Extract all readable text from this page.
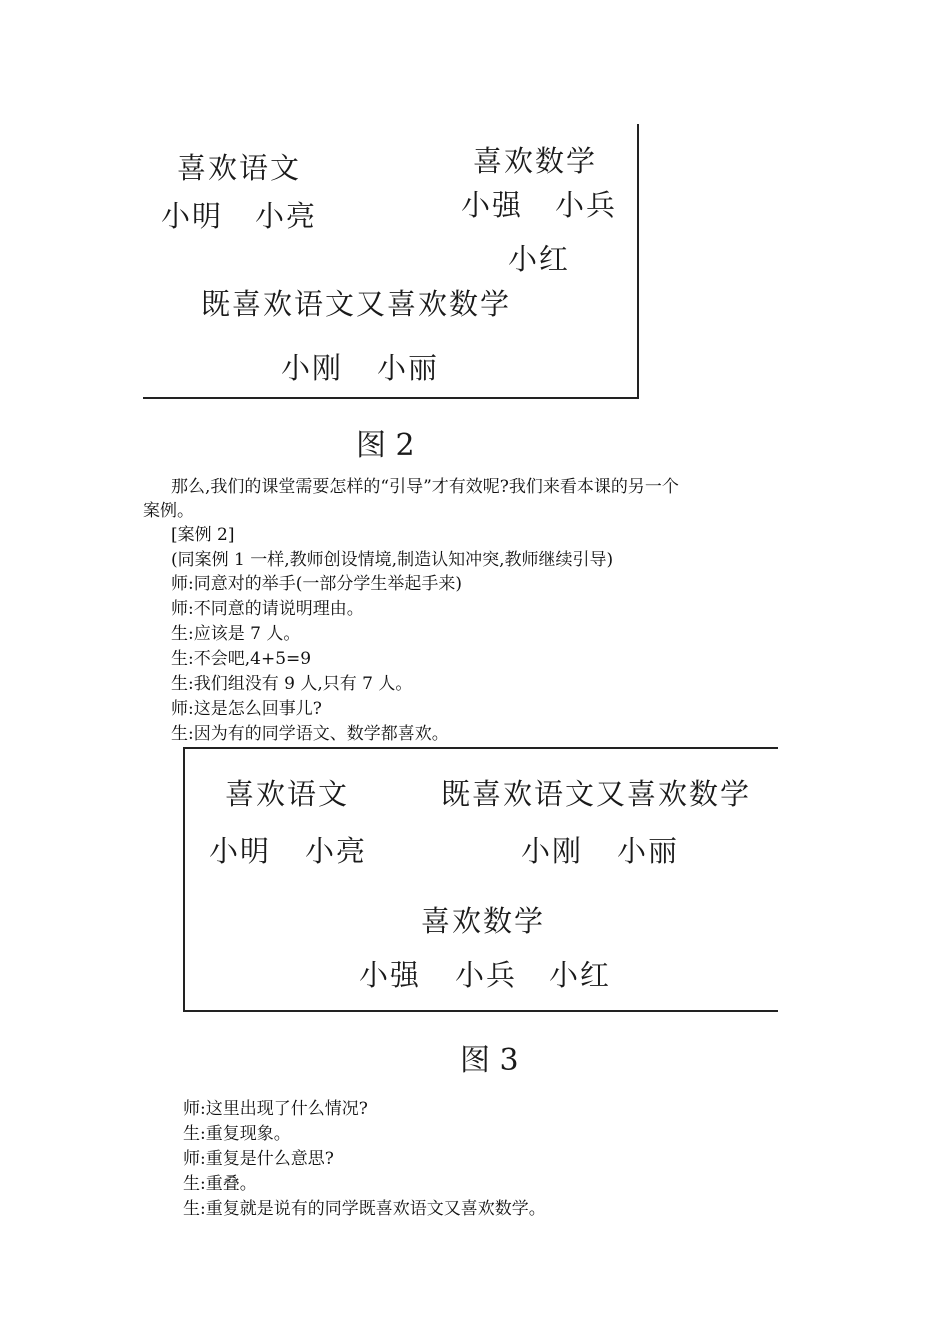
喜欢语文
小明 小亮
喜欢数学
小强 小兵
小红
既喜欢语文又喜欢数学
小刚 小丽
图 2
那么,我们的课堂需要怎样的“引导”才有效呢?我们来看本课的另一个
案例。
[案例 2]
(同案例 1 一样,教师创设情境,制造认知冲突,教师继续引导)
师:同意对的举手(一部分学生举起手来)
师:不同意的请说明理由。
生:应该是 7 人。
生:不会吧,4+5=9
生:我们组没有 9 人,只有 7 人。
师:这是怎么回事儿?
生:因为有的同学语文、数学都喜欢。
喜欢语文
小明 小亮
既喜欢语文又喜欢数学
小刚 小丽
喜欢数学
小强 小兵 小红
图 3
师:这里出现了什么情况?
生:重复现象。
师:重复是什么意思?
生:重叠。
生:重复就是说有的同学既喜欢语文又喜欢数学。
